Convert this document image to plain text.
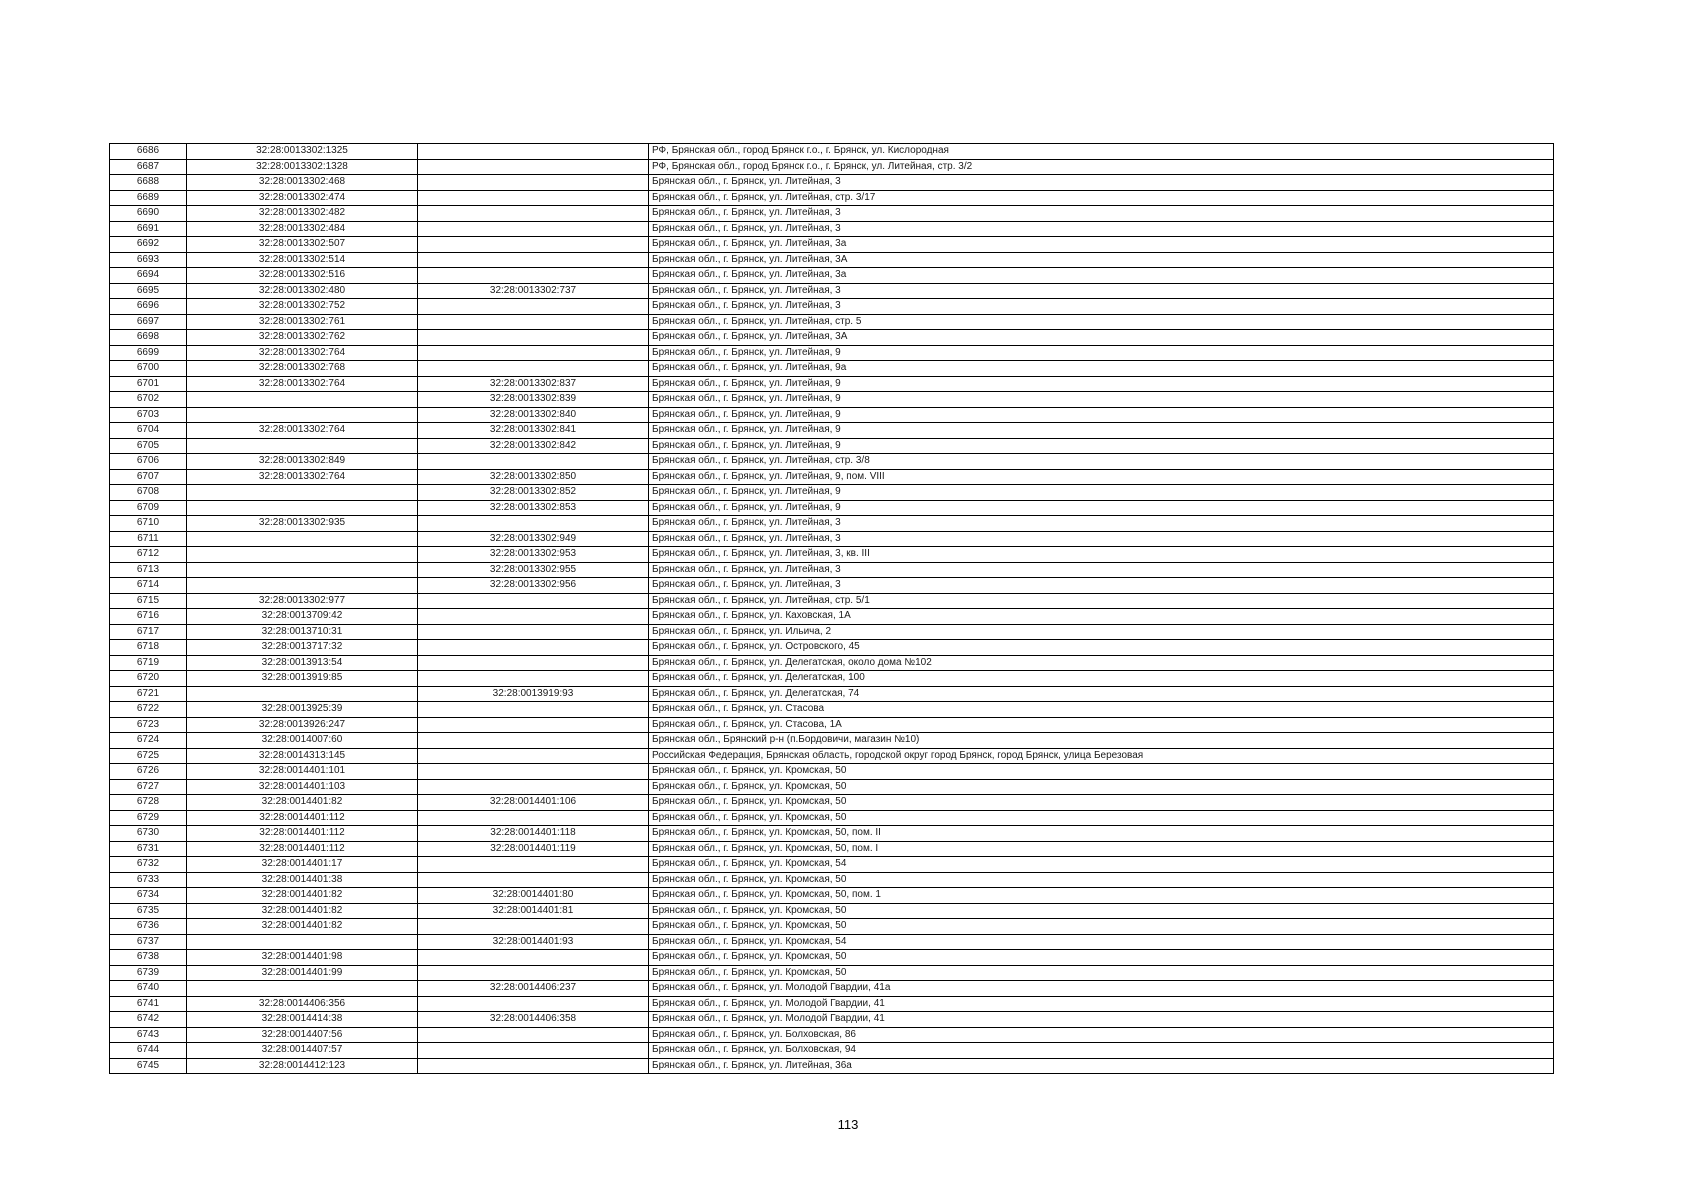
6686	32:28:0013302:1325		РФ, Брянская обл., город Брянск г.о., г. Брянск, ул. Кислородная
6687	32:28:0013302:1328		РФ, Брянская обл., город Брянск г.о., г. Брянск, ул. Литейная, стр. 3/2
6688	32:28:0013302:468		Брянская обл., г. Брянск, ул. Литейная, 3
6689	32:28:0013302:474		Брянская обл., г. Брянск, ул. Литейная, стр. 3/17
6690	32:28:0013302:482		Брянская обл., г. Брянск, ул. Литейная, 3
6691	32:28:0013302:484		Брянская обл., г. Брянск, ул. Литейная, 3
6692	32:28:0013302:507		Брянская обл., г. Брянск, ул. Литейная, 3а
6693	32:28:0013302:514		Брянская обл., г. Брянск, ул. Литейная, 3А
6694	32:28:0013302:516		Брянская обл., г. Брянск, ул. Литейная, 3а
6695	32:28:0013302:480	32:28:0013302:737	Брянская обл., г. Брянск, ул. Литейная, 3
6696	32:28:0013302:752		Брянская обл., г. Брянск, ул. Литейная, 3
6697	32:28:0013302:761		Брянская обл., г. Брянск, ул. Литейная, стр. 5
6698	32:28:0013302:762		Брянская обл., г. Брянск, ул. Литейная, 3А
6699	32:28:0013302:764		Брянская обл., г. Брянск, ул. Литейная, 9
6700	32:28:0013302:768		Брянская обл., г. Брянск, ул. Литейная, 9а
6701	32:28:0013302:764	32:28:0013302:837	Брянская обл., г. Брянск, ул. Литейная, 9
6702		32:28:0013302:839	Брянская обл., г. Брянск, ул. Литейная, 9
6703		32:28:0013302:840	Брянская обл., г. Брянск, ул. Литейная, 9
6704	32:28:0013302:764	32:28:0013302:841	Брянская обл., г. Брянск, ул. Литейная, 9
6705		32:28:0013302:842	Брянская обл., г. Брянск, ул. Литейная, 9
6706	32:28:0013302:849		Брянская обл., г. Брянск, ул. Литейная, стр. 3/8
6707	32:28:0013302:764	32:28:0013302:850	Брянская обл., г. Брянск, ул. Литейная, 9, пом. VIII
6708		32:28:0013302:852	Брянская обл., г. Брянск, ул. Литейная, 9
6709		32:28:0013302:853	Брянская обл., г. Брянск, ул. Литейная, 9
6710	32:28:0013302:935		Брянская обл., г. Брянск, ул. Литейная, 3
6711		32:28:0013302:949	Брянская обл., г. Брянск, ул. Литейная, 3
6712		32:28:0013302:953	Брянская обл., г. Брянск, ул. Литейная, 3, кв. III
6713		32:28:0013302:955	Брянская обл., г. Брянск, ул. Литейная, 3
6714		32:28:0013302:956	Брянская обл., г. Брянск, ул. Литейная, 3
6715	32:28:0013302:977		Брянская обл., г. Брянск, ул. Литейная, стр. 5/1
6716	32:28:0013709:42		Брянская обл., г. Брянск, ул. Каховская, 1А
6717	32:28:0013710:31		Брянская обл., г. Брянск, ул. Ильича, 2
6718	32:28:0013717:32		Брянская обл., г. Брянск, ул. Островского, 45
6719	32:28:0013913:54		Брянская обл., г. Брянск, ул. Делегатская, около дома №102
6720	32:28:0013919:85		Брянская обл., г. Брянск, ул. Делегатская, 100
6721		32:28:0013919:93	Брянская обл., г. Брянск, ул. Делегатская, 74
6722	32:28:0013925:39		Брянская обл., г. Брянск, ул. Стасова
6723	32:28:0013926:247		Брянская обл., г. Брянск, ул. Стасова, 1А
6724	32:28:0014007:60		Брянская обл., Брянский р-н (п.Бордовичи, магазин №10)
6725	32:28:0014313:145		Российская Федерация, Брянская область, городской округ город Брянск, город Брянск, улица Березовая
6726	32:28:0014401:101		Брянская обл., г. Брянск, ул. Кромская, 50
6727	32:28:0014401:103		Брянская обл., г. Брянск, ул. Кромская, 50
6728	32:28:0014401:82	32:28:0014401:106	Брянская обл., г. Брянск, ул. Кромская, 50
6729	32:28:0014401:112		Брянская обл., г. Брянск, ул. Кромская, 50
6730	32:28:0014401:112	32:28:0014401:118	Брянская обл., г. Брянск, ул. Кромская, 50, пом. II
6731	32:28:0014401:112	32:28:0014401:119	Брянская обл., г. Брянск, ул. Кромская, 50, пом. I
6732	32:28:0014401:17		Брянская обл., г. Брянск, ул. Кромская, 54
6733	32:28:0014401:38		Брянская обл., г. Брянск, ул. Кромская, 50
6734	32:28:0014401:82	32:28:0014401:80	Брянская обл., г. Брянск, ул. Кромская, 50, пом. 1
6735	32:28:0014401:82	32:28:0014401:81	Брянская обл., г. Брянск, ул. Кромская, 50
6736	32:28:0014401:82		Брянская обл., г. Брянск, ул. Кромская, 50
6737		32:28:0014401:93	Брянская обл., г. Брянск, ул. Кромская, 54
6738	32:28:0014401:98		Брянская обл., г. Брянск, ул. Кромская, 50
6739	32:28:0014401:99		Брянская обл., г. Брянск, ул. Кромская, 50
6740		32:28:0014406:237	Брянская обл., г. Брянск, ул. Молодой Гвардии, 41а
6741	32:28:0014406:356		Брянская обл., г. Брянск, ул. Молодой Гвардии, 41
6742	32:28:0014414:38	32:28:0014406:358	Брянская обл., г. Брянск, ул. Молодой Гвардии, 41
6743	32:28:0014407:56		Брянская обл., г. Брянск, ул. Болховская, 86
6744	32:28:0014407:57		Брянская обл., г. Брянск, ул. Болховская, 94
6745	32:28:0014412:123		Брянская обл., г. Брянск, ул. Литейная, 36а
113
